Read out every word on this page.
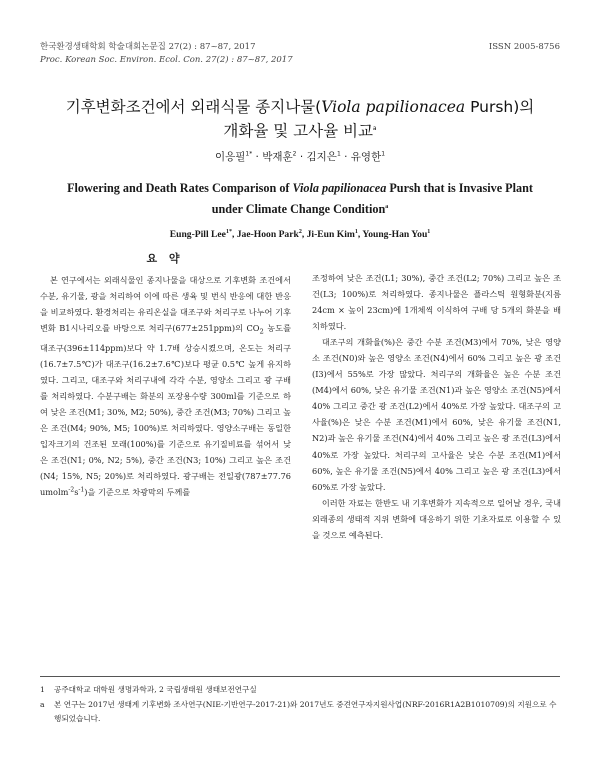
한국환경생태학회 학술대회논문집 27(2) : 87~87, 2017
Proc. Korean Soc. Environ. Ecol. Con. 27(2) : 87~87, 2017
ISSN 2005-8756
기후변화조건에서 외래식물 종지나물(Viola papilionacea Pursh)의
개화율 및 고사율 비교$^a$
이응필$^{1*}$ · 박재훈$^2$ · 김지은$^1$ · 유영한$^1$
Flowering and Death Rates Comparison of Viola papilionacea Pursh that is Invasive Plant
under Climate Change Condition$^a$
Eung-Pill Lee$^{1*}$, Jae-Hoon Park$^2$, Ji-Eun Kim$^1$, Young-Han You$^1$
요 약

본 연구에서는 외래식물인 종지나물을 대상으로 기후변화 조건에서 수분, 유기물, 광을 처리하여 이에 따른 생육 및 번식 반응에 대한 반응을 비교하였다. 환경처리는 유리온실을 대조구와 처리구로 나누어 기후변화 B1시나리오를 바탕으로 처리구(677±251ppm)의 $CO_2$ 농도를 대조구(396±114ppm)보다 약 1.7배 상승시켰으며, 온도는 처리구(16.7±7.5℃)가 대조구(16.2±7.6℃)보다 평균 0.5℃ 높게 유지하였다. 그리고, 대조구와 처리구내에 각각 수분, 영양소 그리고 광 구배를 처리하였다. 수분구배는 화분의 포장용수량 300ml를 기준으로 하여 낮은 조건(M1; 30%, M2; 50%), 중간 조건(M3; 70%) 그리고 높은 조건(M4; 90%, M5; 100%)로 처리하였다. 영양소구배는 동일한 입자크기의 건조된 모래(100%)를 기준으로 유기질비료를 섞어서 낮은 조건(N1; 0%, N2; 5%), 중간 조건(N3; 10%) 그리고 높은 조건(N4; 15%, N5; 20%)로 처리하였다. 광구배는 전일광(787±77.76 $umolm^{-2}s^{-1}$)을 기준으로 차광막의 두께를

조정하여 낮은 조건(L1; 30%), 중간 조건(L2; 70%) 그리고 높은 조건(L3; 100%)로 처리하였다. 종지나물은 플라스틱 원형화분(지름 24cm × 높이 23cm)에 1개체씩 이식하여 구배 당 5개의 화분을 배치하였다.

대조구의 개화율(%)은 중간 수분 조건(M3)에서 70%, 낮은 영양소 조건(N0)와 높은 영양소 조건(N4)에서 60% 그리고 높은 광 조건(I3)에서 55%로 가장 많았다. 처리구의 개화율은 높은 수분 조건(M4)에서 60%, 낮은 유기물 조건(N1)과 높은 영양소 조건(N5)에서 40% 그리고 중간 광 조건(L2)에서 40%로 가장 높았다. 대조구의 고사율(%)은 낮은 수분 조건(M1)에서 60%, 낮은 유기물 조건(N1, N2)과 높은 유기물 조건(N4)에서 40% 그리고 높은 광 조건(L3)에서 40%로 가장 높았다. 처리구의 고사율은 낮은 수분 조건(M1)에서 60%, 높은 유기물 조건(N5)에서 40% 그리고 높은 광 조건(L3)에서 60%로 가장 높았다.

이러한 자료는 한반도 내 기후변화가 지속적으로 일어날 경우, 국내 외래종의 생태적 지위 변화에 대응하기 위한 기초자료로 이용할 수 있을 것으로 예측된다.

1 공주대학교 대학원 생명과학과, 2 국립생태원 생태보전연구실
a 본 연구는 2017년 생태계 기후변화 조사연구(NIE-기반연구-2017-21)와 2017년도 중견연구자지원사업(NRF-2016R1A2B1010709)의 지원으로 수행되었습니다.
